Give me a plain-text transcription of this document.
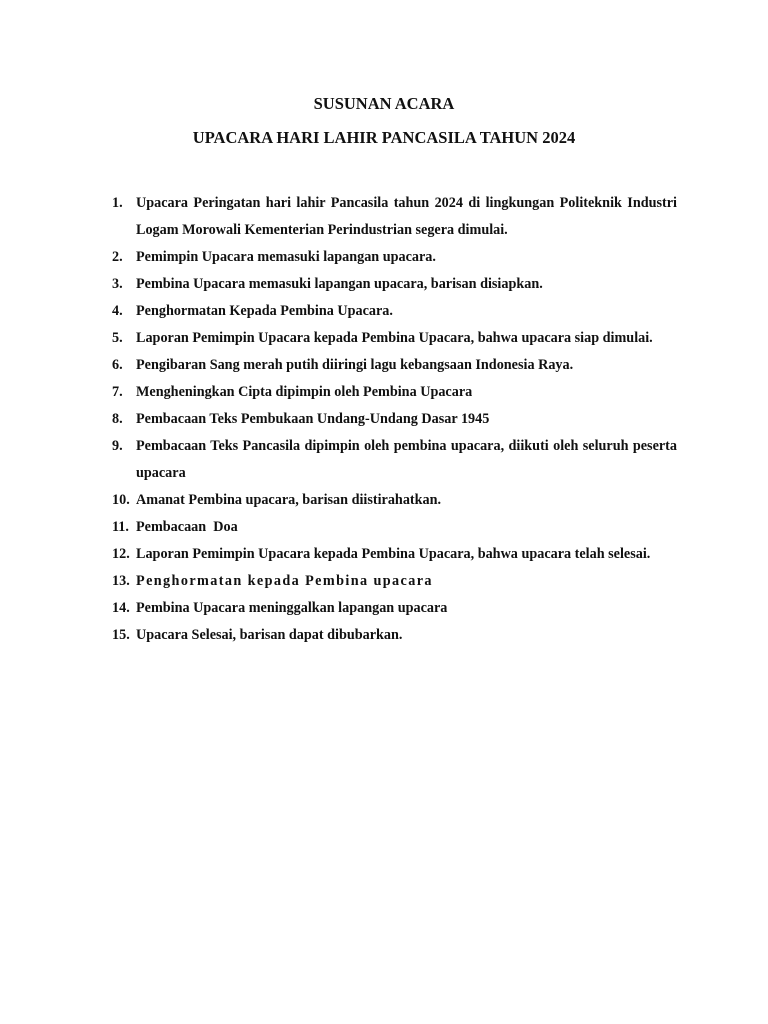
SUSUNAN ACARA
UPACARA HARI LAHIR PANCASILA TAHUN 2024
1. Upacara Peringatan hari lahir Pancasila tahun 2024 di lingkungan Politeknik Industri Logam Morowali Kementerian Perindustrian segera dimulai.
2. Pemimpin Upacara memasuki lapangan upacara.
3. Pembina Upacara memasuki lapangan upacara, barisan disiapkan.
4. Penghormatan Kepada Pembina Upacara.
5. Laporan Pemimpin Upacara kepada Pembina Upacara, bahwa upacara siap dimulai.
6. Pengibaran Sang merah putih diiringi lagu kebangsaan Indonesia Raya.
7. Mengheningkan Cipta dipimpin oleh Pembina Upacara
8. Pembacaan Teks Pembukaan Undang-Undang Dasar 1945
9. Pembacaan Teks Pancasila dipimpin oleh pembina upacara, diikuti oleh seluruh peserta upacara
10. Amanat Pembina upacara, barisan diistirahatkan.
11. Pembacaan  Doa
12. Laporan Pemimpin Upacara kepada Pembina Upacara, bahwa upacara telah selesai.
13. Penghormatan kepada Pembina upacara
14. Pembina Upacara meninggalkan lapangan upacara
15. Upacara Selesai, barisan dapat dibubarkan.
